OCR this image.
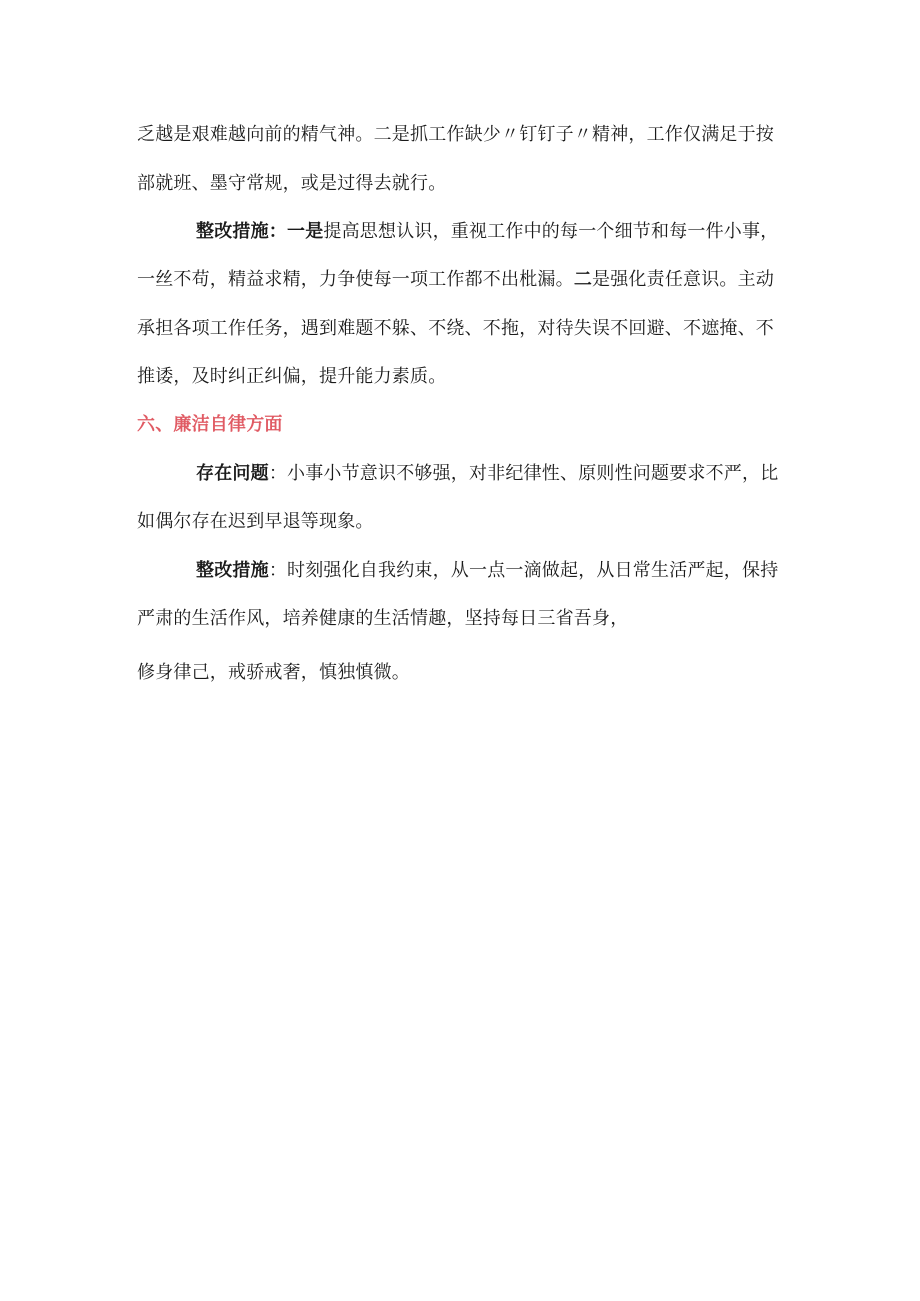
乏越是艰难越向前的精气神。二是抓工作缺少〃钉钉子〃精神，工作仅满足于按
部就班、墨守常规，或是过得去就行。
整改措施：一是提高思想认识，重视工作中的每一个细节和每一件小事，
一丝不苟，精益求精，力争使每一项工作都不出枇漏。二是强化责任意识。主动
承担各项工作任务，遇到难题不躲、不绕、不拖，对待失误不回避、不遮掩、不
推诿，及时纠正纠偏，提升能力素质。
六、廉洁自律方面
存在问题：小事小节意识不够强，对非纪律性、原则性问题要求不严，比
如偶尔存在迟到早退等现象。
整改措施：时刻强化自我约束，从一点一滴做起，从日常生活严起，保持
严肃的生活作风，培养健康的生活情趣，坚持每日三省吾身，
修身律己，戒骄戒奢，慎独慎微。
